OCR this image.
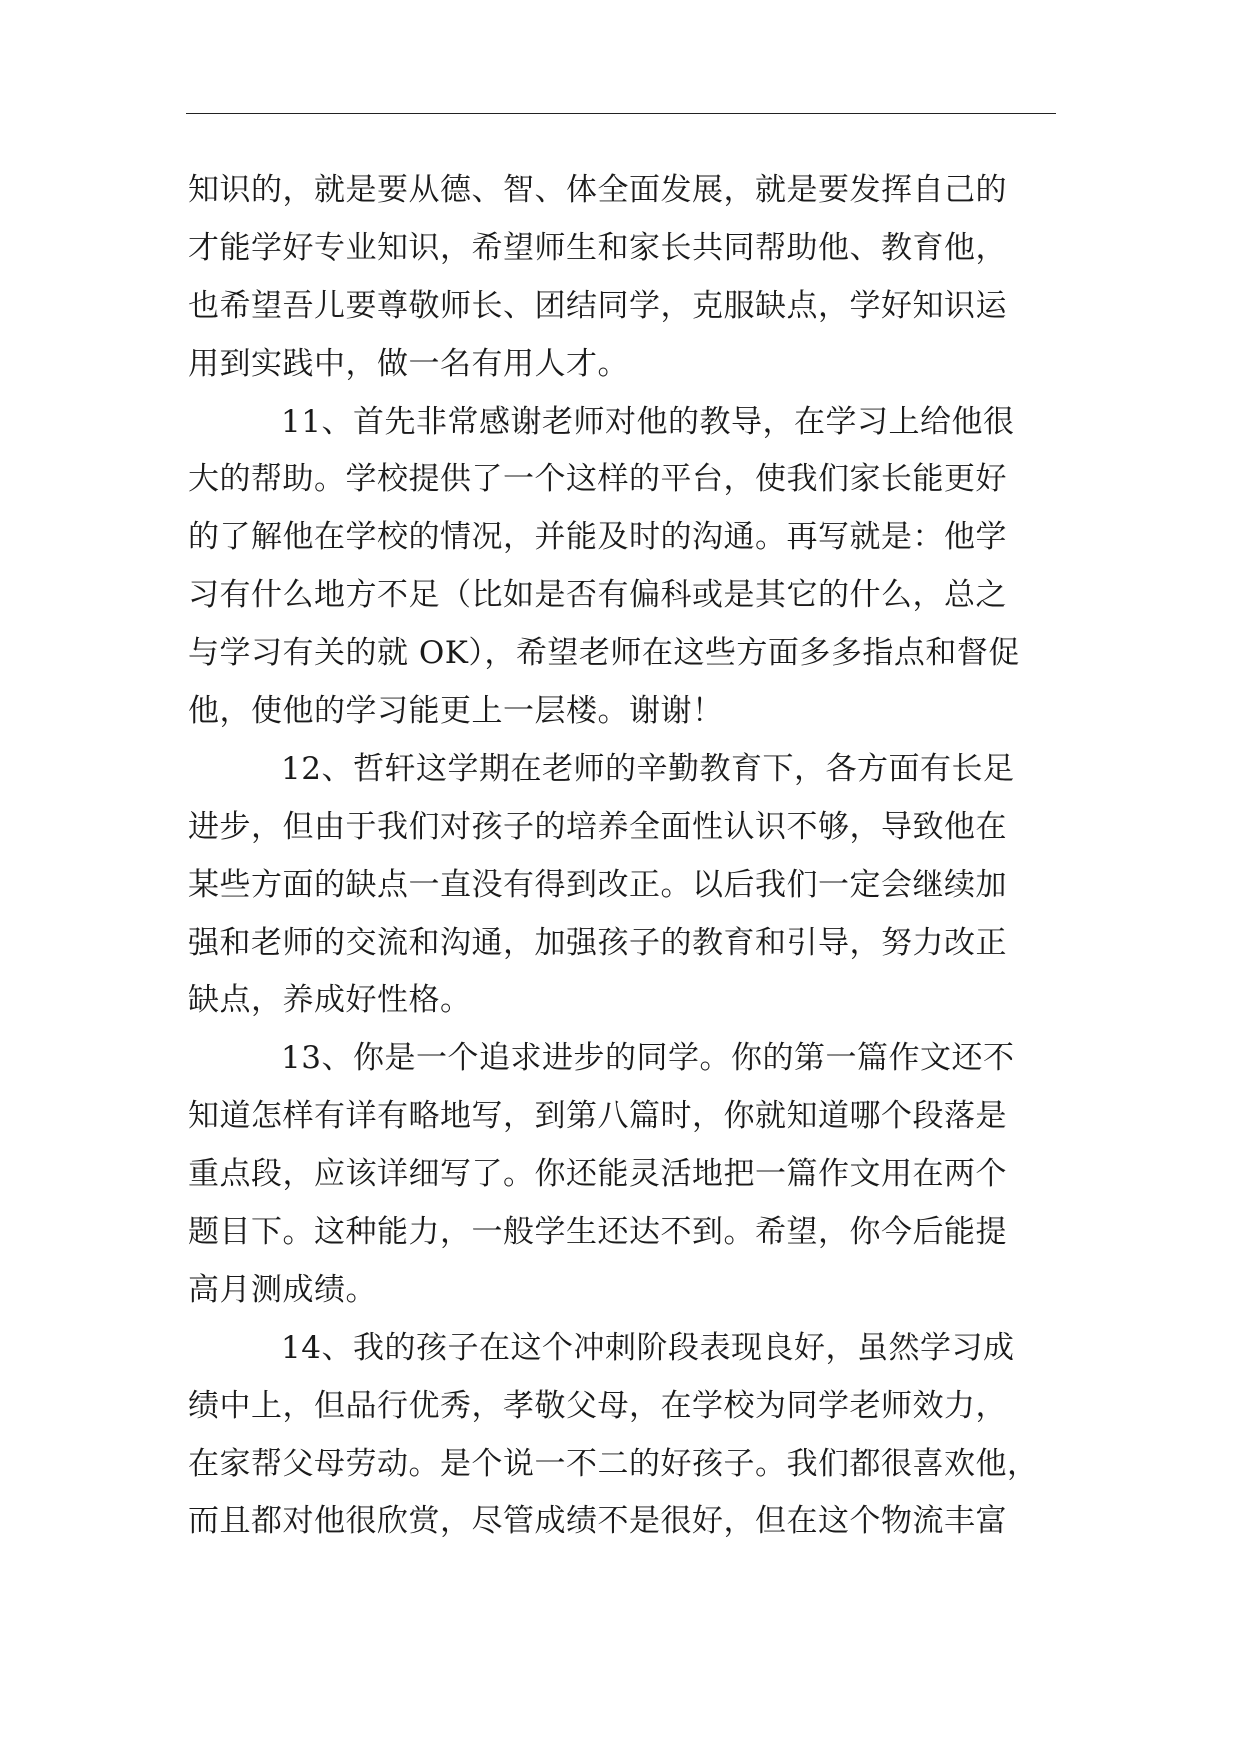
知识的，就是要从德、智、体全面发展，就是要发挥自己的
才能学好专业知识，希望师生和家长共同帮助他、教育他，
也希望吾儿要尊敬师长、团结同学，克服缺点，学好知识运
用到实践中，做一名有用人才。
11、首先非常感谢老师对他的教导，在学习上给他很
大的帮助。学校提供了一个这样的平台，使我们家长能更好
的了解他在学校的情况，并能及时的沟通。再写就是：他学
习有什么地方不足（比如是否有偏科或是其它的什么，总之
与学习有关的就 OK），希望老师在这些方面多多指点和督促
他，使他的学习能更上一层楼。谢谢！
12、哲轩这学期在老师的辛勤教育下，各方面有长足
进步，但由于我们对孩子的培养全面性认识不够，导致他在
某些方面的缺点一直没有得到改正。以后我们一定会继续加
强和老师的交流和沟通，加强孩子的教育和引导，努力改正
缺点，养成好性格。
13、你是一个追求进步的同学。你的第一篇作文还不
知道怎样有详有略地写，到第八篇时，你就知道哪个段落是
重点段，应该详细写了。你还能灵活地把一篇作文用在两个
题目下。这种能力，一般学生还达不到。希望，你今后能提
高月测成绩。
14、我的孩子在这个冲刺阶段表现良好，虽然学习成
绩中上，但品行优秀，孝敬父母，在学校为同学老师效力，
在家帮父母劳动。是个说一不二的好孩子。我们都很喜欢他，
而且都对他很欣赏，尽管成绩不是很好，但在这个物流丰富
